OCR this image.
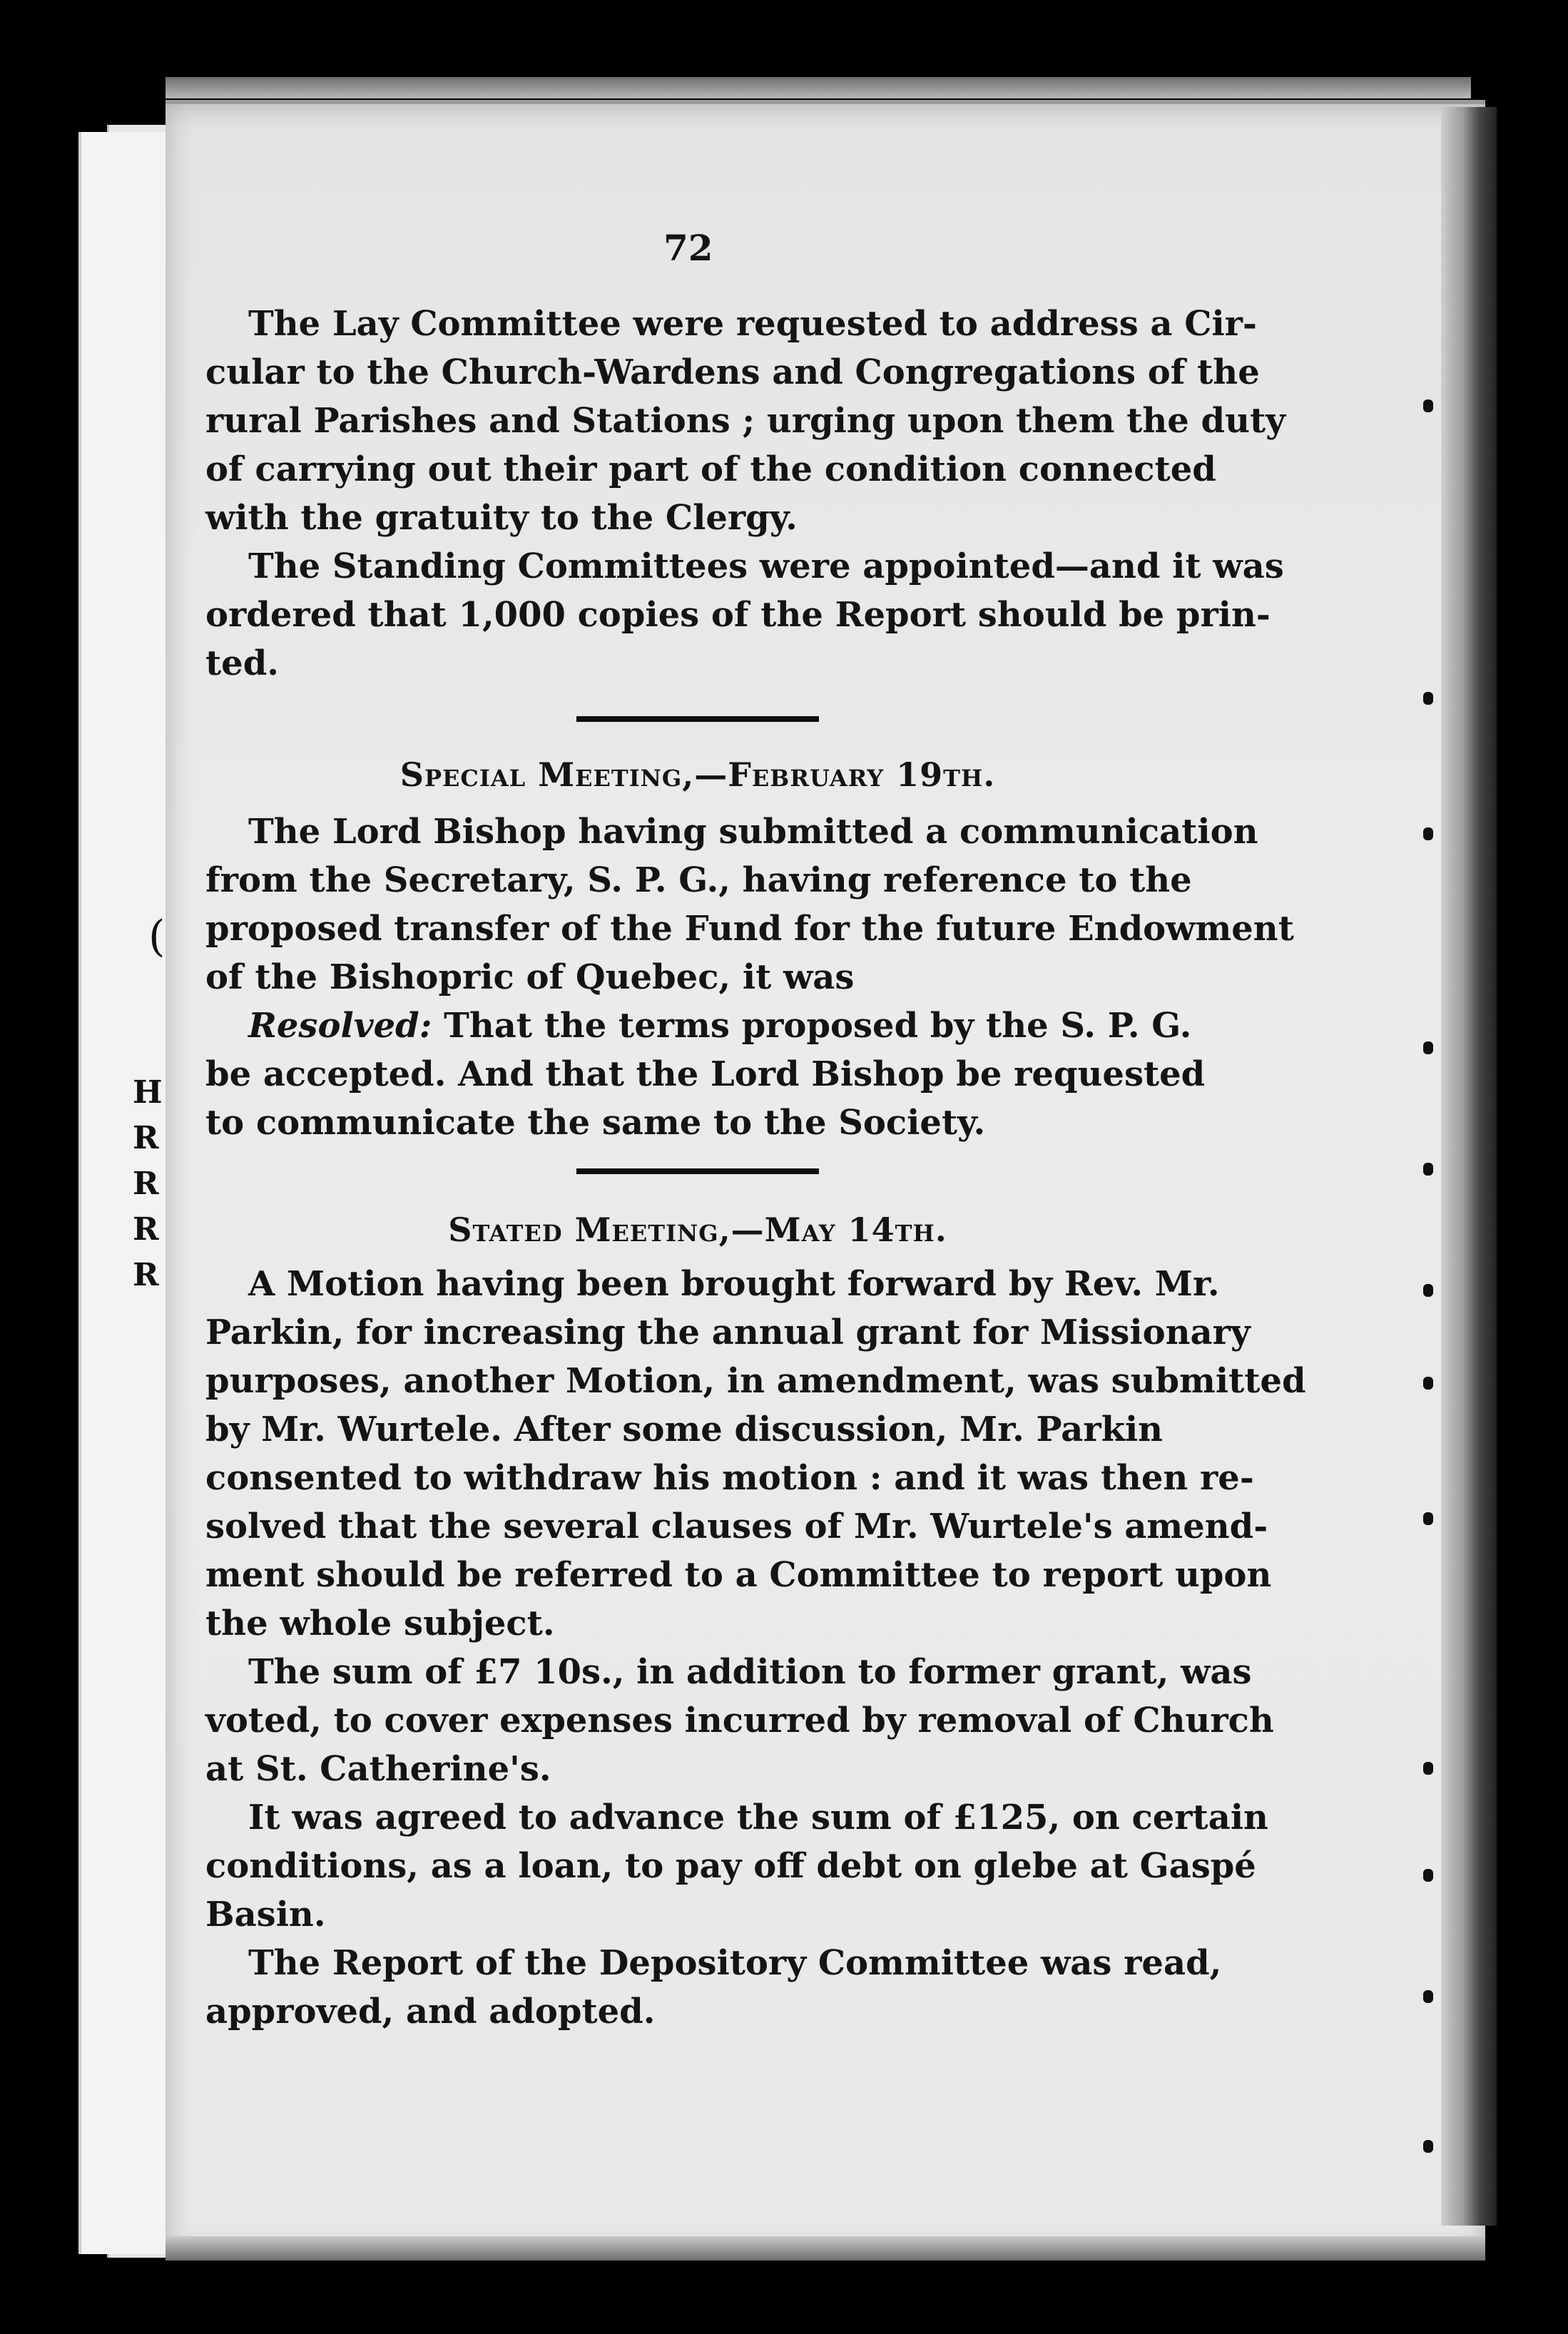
(
H
R
R
R
R
72
The Lay Committee were requested to address a Cir-
cular to the Church-Wardens and Congregations of the
rural Parishes and Stations ; urging upon them the duty
of carrying out their part of the condition connected
with the gratuity to the Clergy.
The Standing Committees were appointed—and it was
ordered that 1,000 copies of the Report should be prin-
ted.
Special Meeting,—February 19th.
The Lord Bishop having submitted a communication
from the Secretary, S. P. G., having reference to the
proposed transfer of the Fund for the future Endowment
of the Bishopric of Quebec, it was
Resolved: That the terms proposed by the S. P. G.
be accepted. And that the Lord Bishop be requested
to communicate the same to the Society.
Stated Meeting,—May 14th.
A Motion having been brought forward by Rev. Mr.
Parkin, for increasing the annual grant for Missionary
purposes, another Motion, in amendment, was submitted
by Mr. Wurtele. After some discussion, Mr. Parkin
consented to withdraw his motion : and it was then re-
solved that the several clauses of Mr. Wurtele's amend-
ment should be referred to a Committee to report upon
the whole subject.
The sum of £7 10s., in addition to former grant, was
voted, to cover expenses incurred by removal of Church
at St. Catherine's.
It was agreed to advance the sum of £125, on certain
conditions, as a loan, to pay off debt on glebe at Gaspé
Basin.
The Report of the Depository Committee was read,
approved, and adopted.
